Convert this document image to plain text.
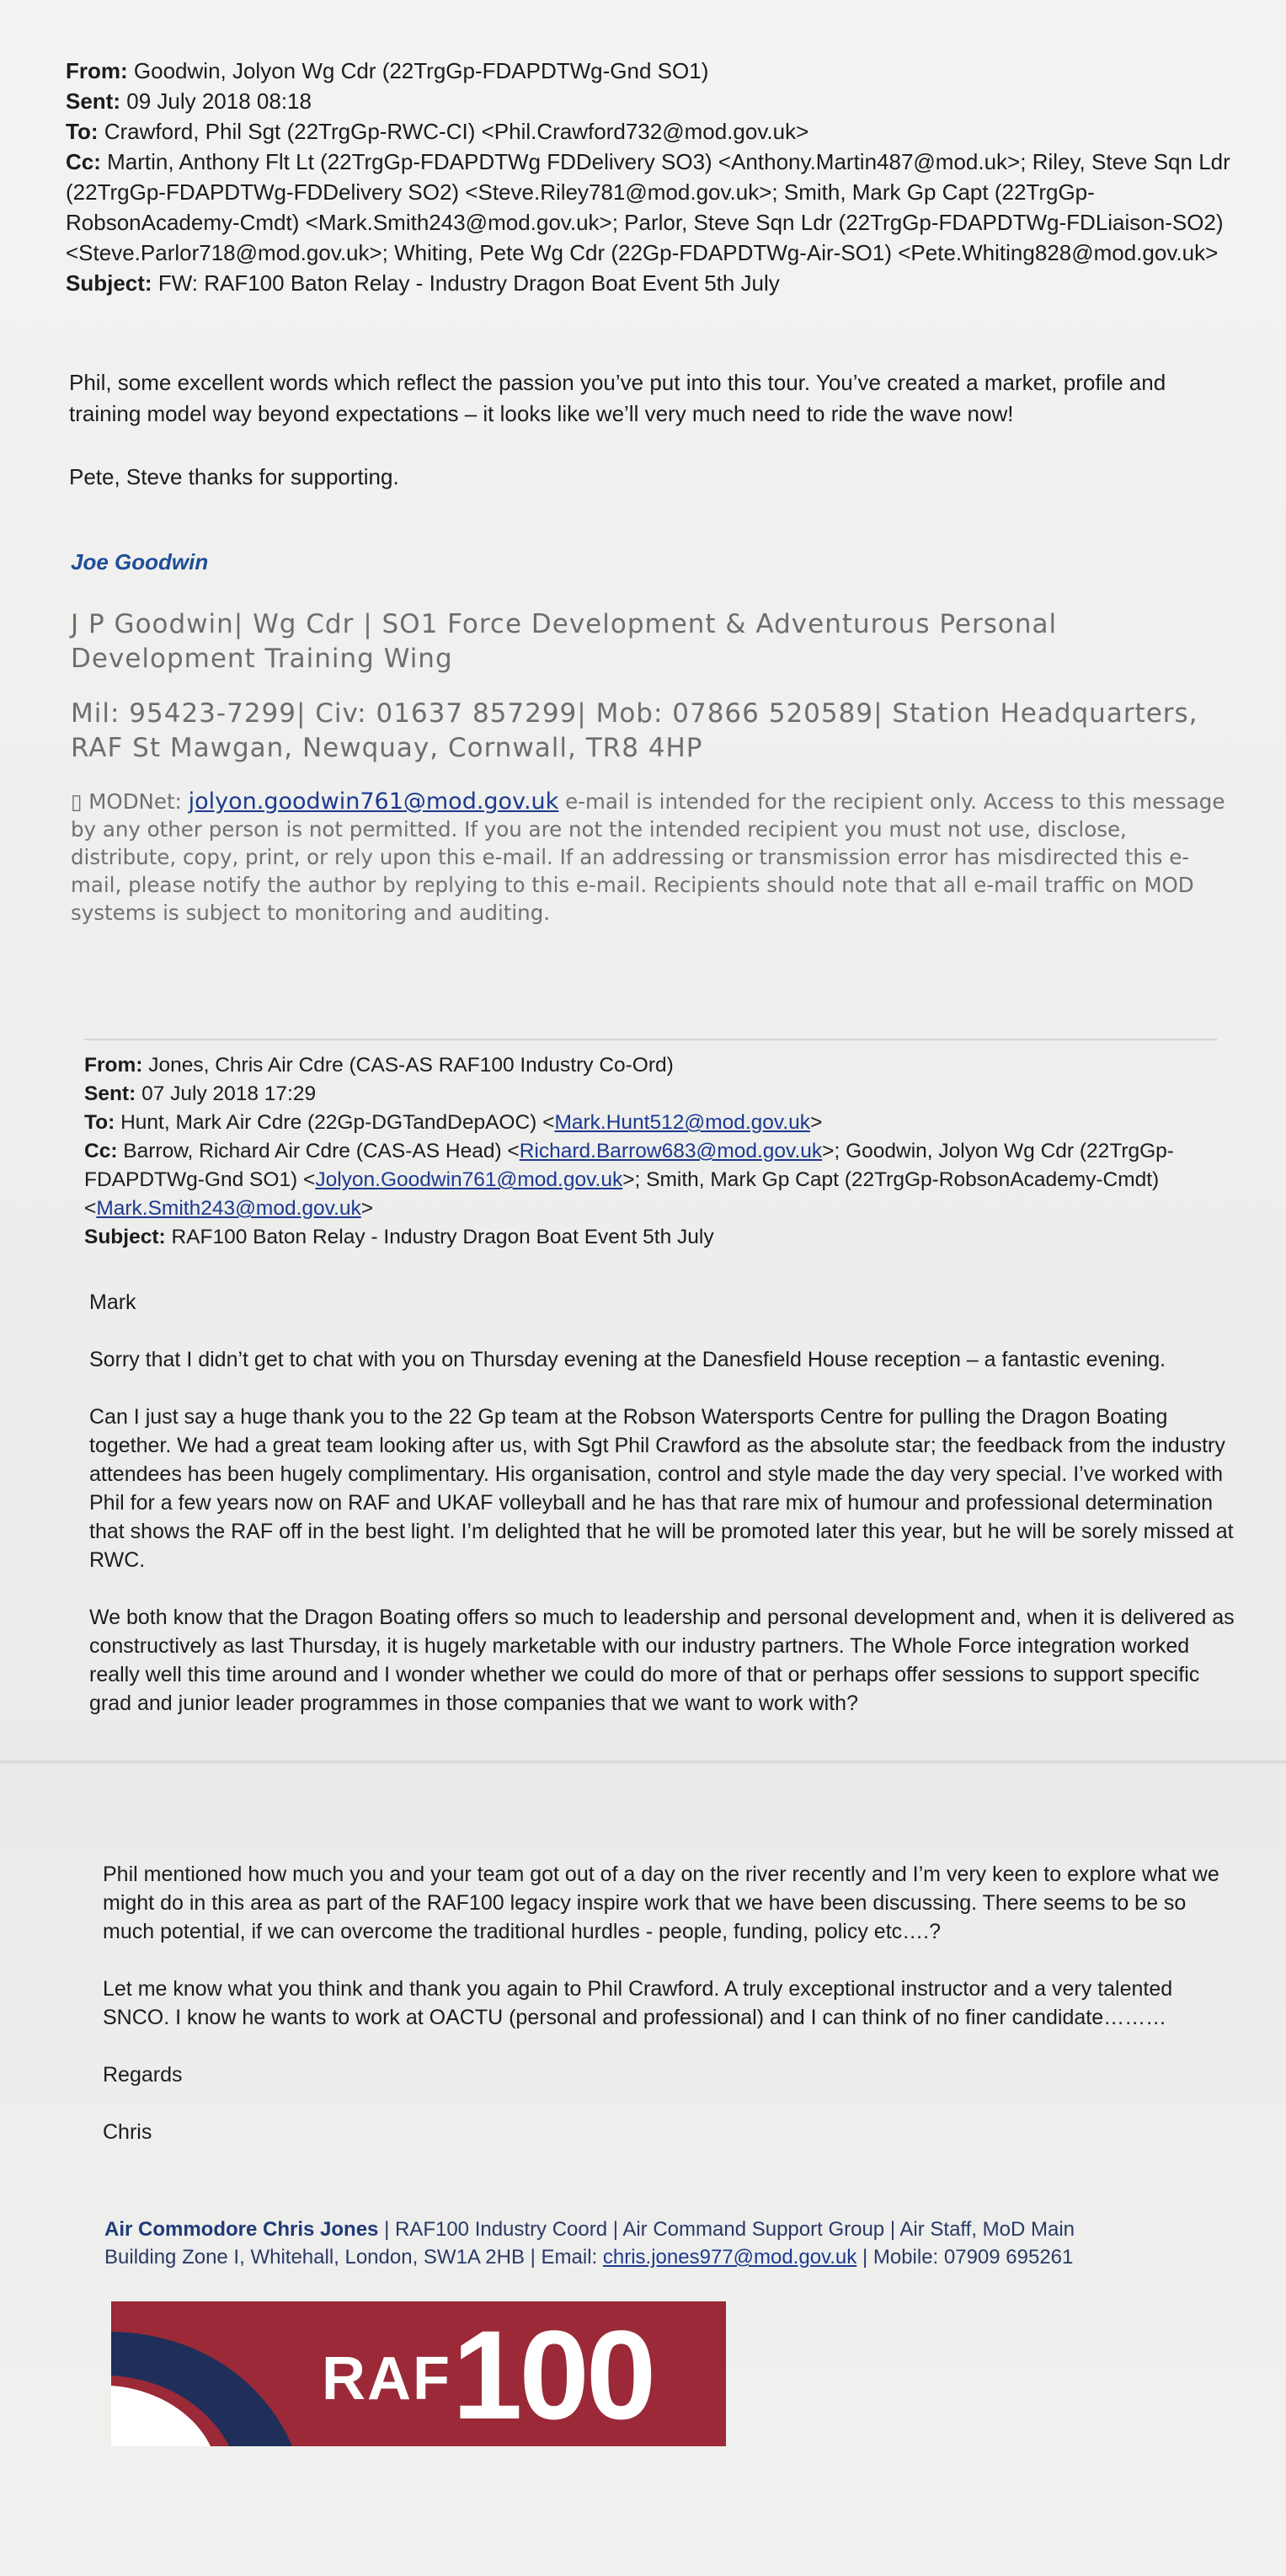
From: Goodwin, Jolyon Wg Cdr (22TrgGp-FDAPDTWg-Gnd SO1)

Sent: 09 July 2018 08:18

To: Crawford, Phil Sgt (22TrgGp-RWC-CI) <Phil.Crawford732@mod.gov.uk>

Cc: Martin, Anthony Flt Lt (22TrgGp-FDAPDTWg FDDelivery SO3) <Anthony.Martin487@mod.uk>; Riley, Steve Sqn Ldr (22TrgGp-FDAPDTWg-FDDelivery SO2) <Steve.Riley781@mod.gov.uk>; Smith, Mark Gp Capt (22TrgGp-RobsonAcademy-Cmdt) <Mark.Smith243@mod.gov.uk>; Parlor, Steve Sqn Ldr (22TrgGp-FDAPDTWg-FDLiaison-SO2) <Steve.Parlor718@mod.gov.uk>; Whiting, Pete Wg Cdr (22Gp-FDAPDTWg-Air-SO1) <Pete.Whiting828@mod.gov.uk>

Subject: FW: RAF100 Baton Relay - Industry Dragon Boat Event 5th July

Phil, some excellent words which reflect the passion you’ve put into this tour. You’ve created a market, profile and training model way beyond expectations – it looks like we’ll very much need to ride the wave now!

Pete, Steve thanks for supporting.

Joe Goodwin

J P Goodwin| Wg Cdr | SO1 Force Development & Adventurous Personal

Development Training Wing

Mil: 95423-7299| Civ: 01637 857299| Mob: 07866 520589| Station Headquarters,

RAF St Mawgan, Newquay, Cornwall, TR8 4HP

▯ MODNet: jolyon.goodwin761@mod.gov.uk e-mail is intended for the recipient only. Access to this message by any other person is not permitted. If you are not the intended recipient you must not use, disclose, distribute, copy, print, or rely upon this e-mail. If an addressing or transmission error has misdirected this e-mail, please notify the author by replying to this e-mail. Recipients should note that all e-mail traffic on MOD systems is subject to monitoring and auditing.

From: Jones, Chris Air Cdre (CAS-AS RAF100 Industry Co-Ord)

Sent: 07 July 2018 17:29

To: Hunt, Mark Air Cdre (22Gp-DGTandDepAOC) <Mark.Hunt512@mod.gov.uk>

Cc: Barrow, Richard Air Cdre (CAS-AS Head) <Richard.Barrow683@mod.gov.uk>; Goodwin, Jolyon Wg Cdr (22TrgGp-FDAPDTWg-Gnd SO1) <Jolyon.Goodwin761@mod.gov.uk>; Smith, Mark Gp Capt (22TrgGp-RobsonAcademy-Cmdt) <Mark.Smith243@mod.gov.uk>

Subject: RAF100 Baton Relay - Industry Dragon Boat Event 5th July

Mark

Sorry that I didn’t get to chat with you on Thursday evening at the Danesfield House reception – a fantastic evening.

Can I just say a huge thank you to the 22 Gp team at the Robson Watersports Centre for pulling the Dragon Boating together. We had a great team looking after us, with Sgt Phil Crawford as the absolute star; the feedback from the industry attendees has been hugely complimentary. His organisation, control and style made the day very special. I’ve worked with Phil for a few years now on RAF and UKAF volleyball and he has that rare mix of humour and professional determination that shows the RAF off in the best light. I’m delighted that he will be promoted later this year, but he will be sorely missed at RWC.

We both know that the Dragon Boating offers so much to leadership and personal development and, when it is delivered as constructively as last Thursday, it is hugely marketable with our industry partners. The Whole Force integration worked really well this time around and I wonder whether we could do more of that or perhaps offer sessions to support specific grad and junior leader programmes in those companies that we want to work with?

Phil mentioned how much you and your team got out of a day on the river recently and I’m very keen to explore what we might do in this area as part of the RAF100 legacy inspire work that we have been discussing. There seems to be so much potential, if we can overcome the traditional hurdles - people, funding, policy etc….?

Let me know what you think and thank you again to Phil Crawford. A truly exceptional instructor and a very talented SNCO. I know he wants to work at OACTU (personal and professional) and I can think of no finer candidate………

Regards

Chris

Air Commodore Chris Jones | RAF100 Industry Coord | Air Command Support Group | Air Staff, MoD Main

Building Zone I, Whitehall, London, SW1A 2HB | Email: chris.jones977@mod.gov.uk | Mobile: 07909 695261

RAF 100
